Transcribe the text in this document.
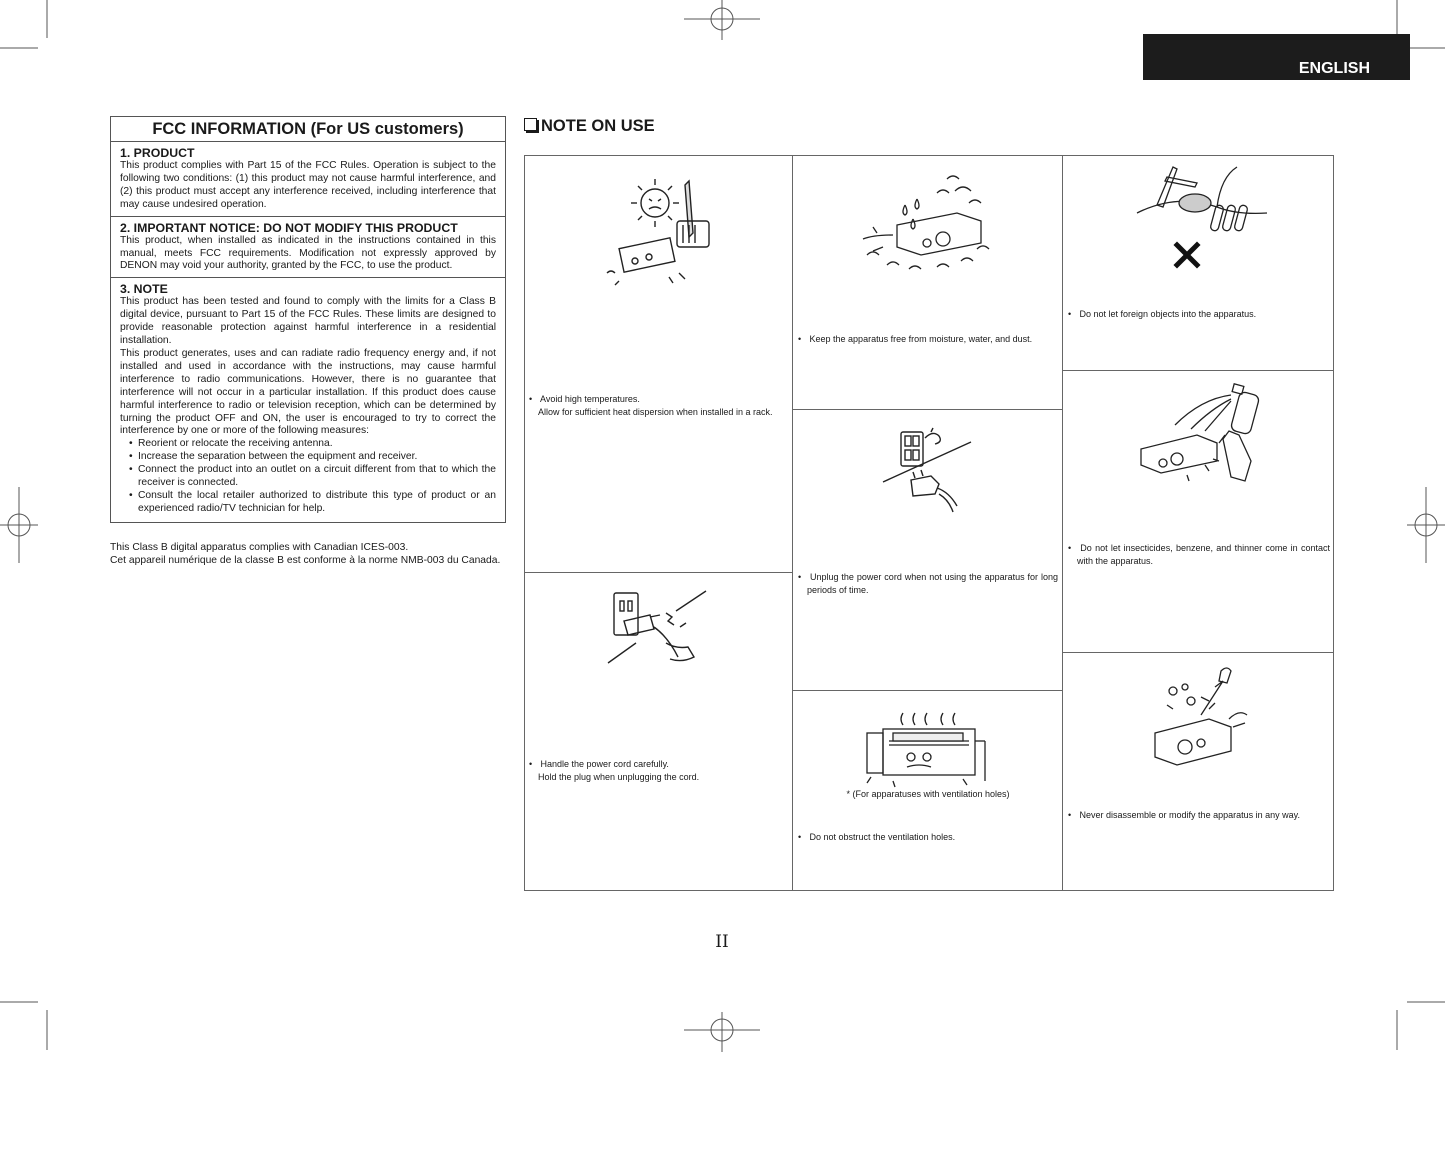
ENGLISH
FCC INFORMATION (For US customers)
1. PRODUCT

This product complies with Part 15 of the FCC Rules. Operation is subject to the following two conditions: (1) this product may not cause harmful interference, and (2) this product must accept any interference received, including interference that may cause undesired operation.

2. IMPORTANT NOTICE: DO NOT MODIFY THIS PRODUCT

This product, when installed as indicated in the instructions contained in this manual, meets FCC requirements. Modification not expressly approved by DENON may void your authority, granted by the FCC, to use the product.

3. NOTE

This product has been tested and found to comply with the limits for a Class B digital device, pursuant to Part 15 of the FCC Rules. These limits are designed to provide reasonable protection against harmful interference in a residential installation.

This product generates, uses and can radiate radio frequency energy and, if not installed and used in accordance with the instructions, may cause harmful interference to radio communications. However, there is no guarantee that interference will not occur in a particular installation. If this product does cause harmful interference to radio or television reception, which can be determined by turning the product OFF and ON, the user is encouraged to try to correct the interference by one or more of the following measures:

• Reorient or relocate the receiving antenna.
• Increase the separation between the equipment and receiver.
• Connect the product into an outlet on a circuit different from that to which the receiver is connected.
• Consult the local retailer authorized to distribute this type of product or an experienced radio/TV technician for help.
This Class B digital apparatus complies with Canadian ICES-003.
Cet appareil numérique de la classe B est conforme à la norme NMB-003 du Canada.
NOTE ON USE
• Avoid high temperatures.
Allow for sufficient heat dispersion when installed in a rack.
• Handle the power cord carefully.
Hold the plug when unplugging the cord.
• Keep the apparatus free from moisture, water, and dust.
• Unplug the power cord when not using the apparatus for long periods of time.
* (For apparatuses with ventilation holes)
• Do not obstruct the ventilation holes.
• Do not let foreign objects into the apparatus.
• Do not let insecticides, benzene, and thinner come in contact with the apparatus.
• Never disassemble or modify the apparatus in any way.
II
